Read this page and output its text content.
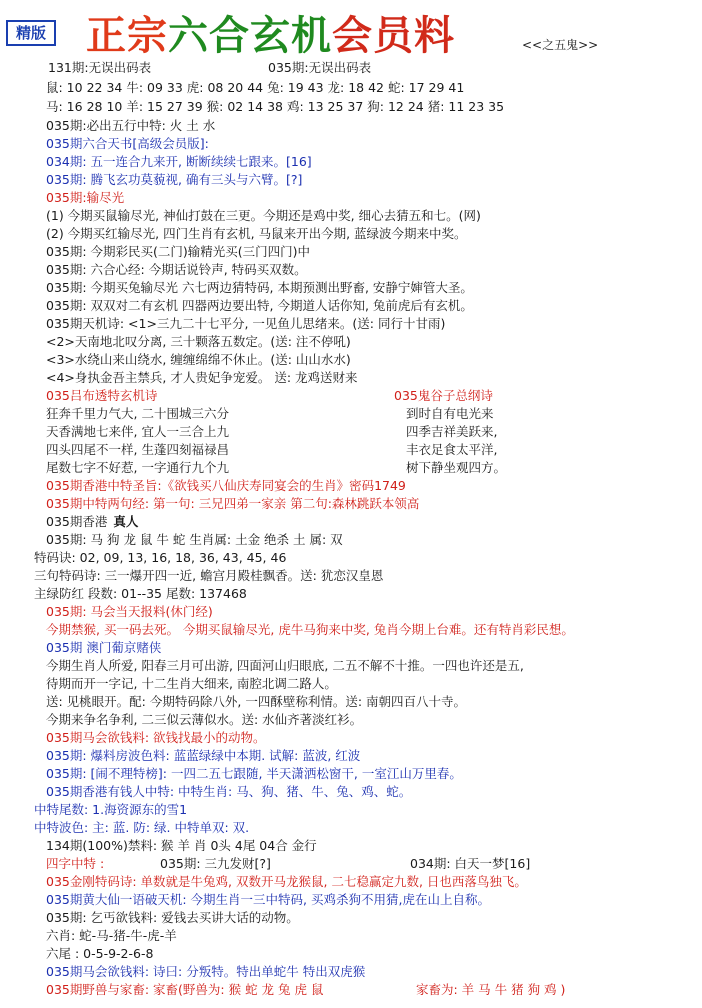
精版 正宗六合玄机会员料	<<之五鬼>>
131期:无误出码表	035期:无误出码表
鼠: 10 22 34 牛: 09 33 虎: 08 20 44 兔: 19 43 龙: 18 42 蛇: 17 29 41
马: 16 28 10 羊: 15 27 39 猴: 02 14 38 鸡: 13 25 37 狗: 12 24 猪: 11 23 35
035期:必出五行中特: 火 土 水
035期六合天书[高级会员版]:
034期: 五一连合九来开, 断断续续七跟来。[16]
035期: 腾飞玄功莫藐视, 确有三头与六臂。[?]
035期:输尽光
(1) 今期买鼠输尽光, 神仙打鼓在三更。今期还是鸡中奖, 细心去猜五和七。(网)
(2) 今期买红输尽光, 四门生肖有玄机, 马鼠来开出今期, 蓝绿波今期来中奖。
035期: 今期彩民买(二门)输精光买(三门四门)中
035期: 六合心经: 今期话说铃声, 特码买双数。
035期: 今期买兔输尽光 六七两边猜特码, 本期预测出野畜, 安静宁婶管大圣。
035期: 双双对二有玄机 四器两边要出特, 今期道人话你知, 兔前虎后有玄机。
035期天机诗: <1>三九二十七平分, 一见鱼儿思绪来。(送: 同行十甘雨)
<2>天南地北叹分离, 三十颗落五数定。(送: 注不停吼)
<3>水绕山来山绕水, 缠缠绵绵不休止。(送: 山山水水)
<4>身执金吾主禁兵, 才人贵妃争宠爱。 送: 龙鸡送财来
035吕布透特玄机诗	035鬼谷子总纲诗
狂奔千里力气大, 二十围城三六分	到时自有电光来
天香满地七来伴, 宜人一三合上九	四季吉祥美跃来,
四头四尾不一样, 生蓬四刻福禄昌	丰衣足食太平洋,
尾数七字不好惹, 一字通行九个九	树下静坐观四方。
035期香港中特圣旨:《欲钱买八仙庆寿同宴会的生肖》密码1749
035期中特两句经: 第一句: 三兄四弟一家亲 第二句:森林跳跃本领高
035期香港 真人
035期: 马 狗 龙 鼠 牛 蛇 生肖属: 土金 绝杀 土 属: 双
特码诀: 02, 09, 13, 16, 18, 36, 43, 45, 46
三句特码诗: 三一爆开四一近, 蟾宫月殿桂飘香。送: 犹恋汉皇恩
主绿防红 段数: 01--35 尾数: 137468
035期: 马会当天报料(休门经)
今期禁猴, 买一码去死。 今期买鼠输尽光, 虎牛马狗来中奖, 兔肖今期上台难。还有特肖彩民想。
035期 澳门葡京赌侠
今期生肖人所爱, 阳春三月可出游, 四面河山归眼底, 二五不解不十推。一四也许还是五,
待期而开一字记, 十二生肖大细来, 南腔北调二路人。
送: 见桃眼开。配: 今期特码除八外, 一四酥壁称利情。送: 南朝四百八十寺。
今期来争名争利, 二三似云薄似水。送: 水仙齐著淡红衫。
035期马会欲钱料: 欲钱找最小的动物。
035期: 爆料房波色料: 蓝蓝绿绿中本期. 试解: 蓝波, 红波
035期: [闹不理特榜]: 一四二五七跟随, 半天潇洒松窗干, 一室江山万里春。
035期香港有钱人中特: 中特生肖: 马、狗、猪、牛、兔、鸡、蛇。
中特尾数: 1.海资源东的雪1
中特波色: 主: 蓝. 防: 绿. 中特单双: 双.
134期(100%)禁料: 猴 羊 肖 0头 4尾 04合 金行
四字中特 :	035期: 三九发财[?]	034期: 白天一梦[16]
035金刚特码诗: 单数就是牛兔鸡, 双数开马龙猴鼠, 二七稳赢定九数, 日也西落鸟独飞。
035期黄大仙一语破天机: 今期生肖一三中特码, 买鸡杀狗不用猜,虎在山上自称。
035期: 乞丐欲钱料: 爱钱去买讲大话的动物。
六肖: 蛇-马-猪-牛-虎-羊
六尾 : 0-5-9-2-6-8
035期马会欲钱料: 诗曰: 分叛特。特出单蛇牛 特出双虎猴
035期野兽与家畜: 家畜(野兽为: 猴 蛇 龙 兔 虎 鼠	家畜为: 羊 马 牛 猪 狗 鸡 )
